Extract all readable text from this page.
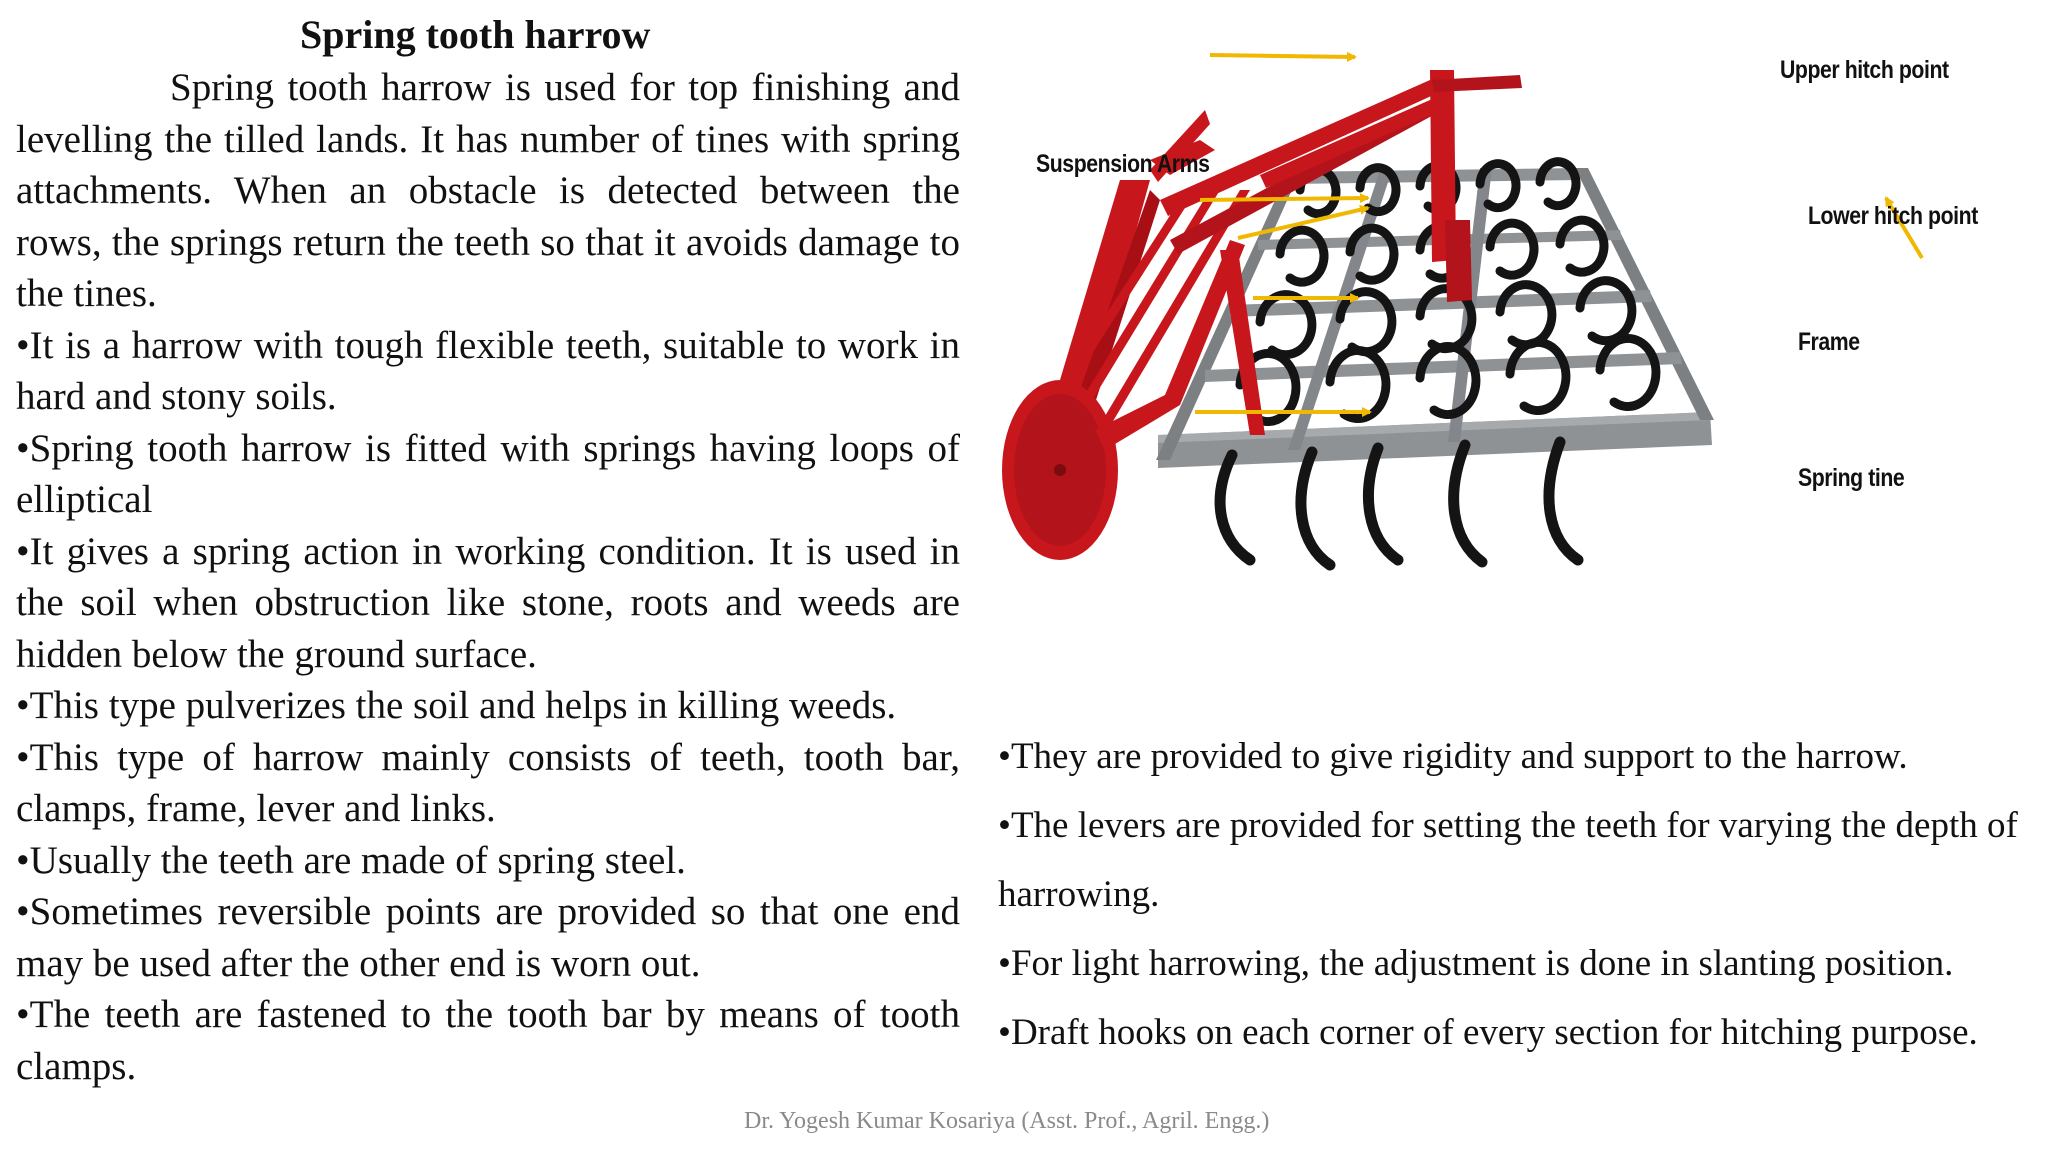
Spring tooth harrow

Spring tooth harrow is used for top finishing and levelling the tilled lands. It has number of tines with spring attachments. When an obstacle is detected between the rows, the springs return the teeth so that it avoids damage to the tines.

•It is a harrow with tough flexible teeth, suitable to work in hard and stony soils.

•Spring tooth harrow is fitted with springs having loops of elliptical

•It gives a spring action in working condition. It is used in the soil when obstruction like stone, roots and weeds are hidden below the ground surface.

•This type pulverizes the soil and helps in killing weeds.

•This type of harrow mainly consists of teeth, tooth bar, clamps, frame, lever and links.

•Usually the teeth are made of spring steel.

•Sometimes reversible points are provided so that one end may be used after the other end is worn out.

•The teeth are fastened to the tooth bar by means of tooth clamps.

Upper hitch point
Suspension Arms
Lower hitch point
Frame
Spring tine

•They are provided to give rigidity and support to the harrow.

•The levers are provided for setting the teeth for varying the depth of harrowing.

•For light harrowing, the adjustment is done in slanting position.

•Draft hooks on each corner of every section for hitching purpose.

Dr. Yogesh Kumar Kosariya (Asst. Prof., Agril. Engg.)
